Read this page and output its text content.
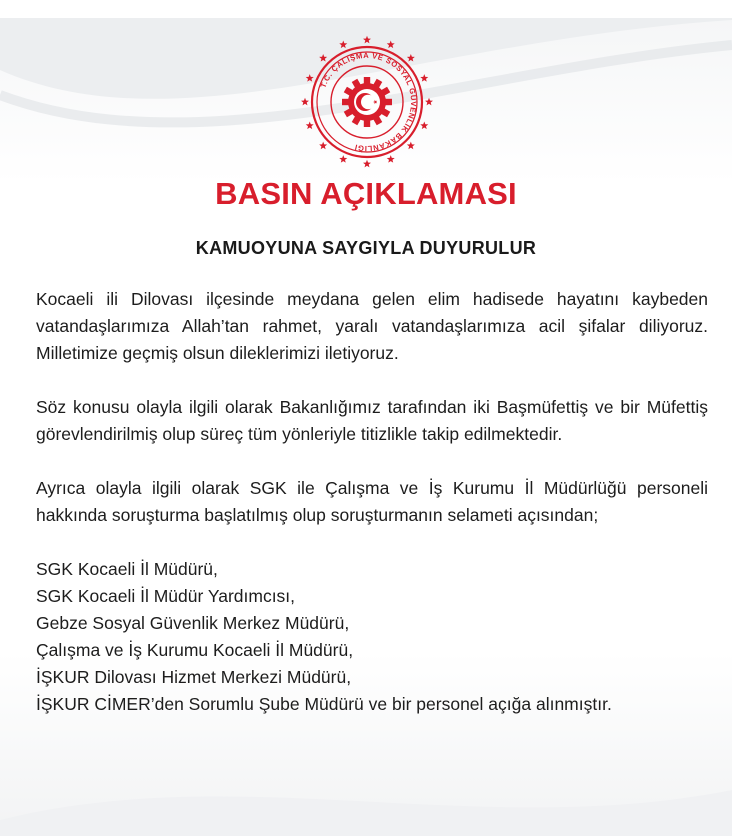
T.C. ÇALIŞMA VE SOSYAL GÜVENLİK BAKANLIĞI
BASIN AÇIKLAMASI
KAMUOYUNA SAYGIYLA DUYURULUR

Kocaeli ili Dilovası ilçesinde meydana gelen elim hadisede hayatını kaybeden vatandaşlarımıza Allah’tan rahmet, yaralı vatandaşlarımıza acil şifalar diliyoruz. Milletimize geçmiş olsun dileklerimizi iletiyoruz.

Söz konusu olayla ilgili olarak Bakanlığımız tarafından iki Başmüfettiş ve bir Müfettiş görevlendirilmiş olup süreç tüm yönleriyle titizlikle takip edilmektedir.

Ayrıca olayla ilgili olarak SGK ile Çalışma ve İş Kurumu İl Müdürlüğü personeli hakkında soruşturma başlatılmış olup soruşturmanın selameti açısından;

SGK Kocaeli İl Müdürü,
SGK Kocaeli İl Müdür Yardımcısı,
Gebze Sosyal Güvenlik Merkez Müdürü,
Çalışma ve İş Kurumu Kocaeli İl Müdürü,
İŞKUR Dilovası Hizmet Merkezi Müdürü,
İŞKUR CİMER’den Sorumlu Şube Müdürü ve bir personel açığa alınmıştır.
